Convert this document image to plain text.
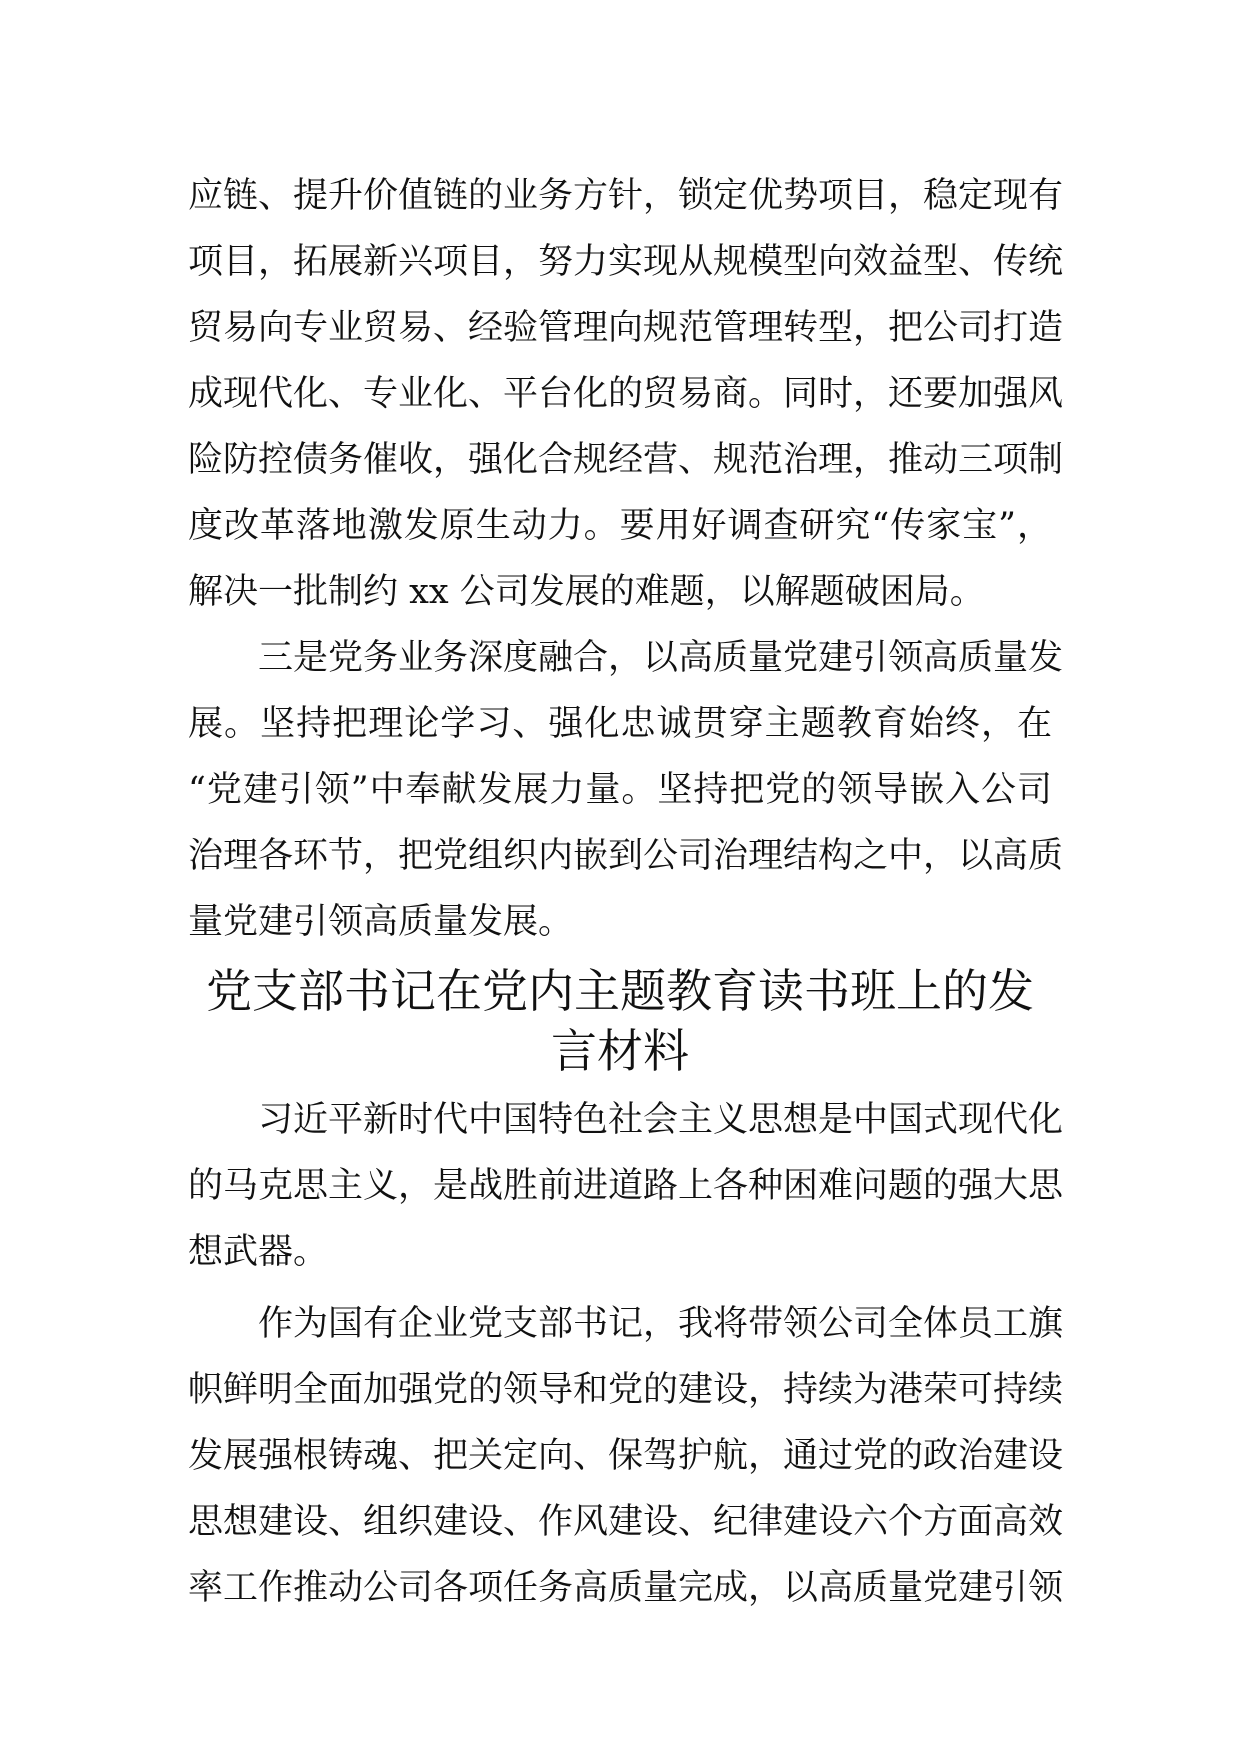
应链、提升价值链的业务方针，锁定优势项目，稳定现有
项目，拓展新兴项目，努力实现从规模型向效益型、传统
贸易向专业贸易、经验管理向规范管理转型，把公司打造
成现代化、专业化、平台化的贸易商。同时，还要加强风
险防控债务催收，强化合规经营、规范治理，推动三项制
度改革落地激发原生动力。要用好调查研究“传家宝”，
解决一批制约 xx 公司发展的难题，以解题破困局。
三是党务业务深度融合，以高质量党建引领高质量发
展。坚持把理论学习、强化忠诚贯穿主题教育始终，在
“党建引领”中奉献发展力量。坚持把党的领导嵌入公司
治理各环节，把党组织内嵌到公司治理结构之中，以高质
量党建引领高质量发展。
党支部书记在党内主题教育读书班上的发
言材料
习近平新时代中国特色社会主义思想是中国式现代化
的马克思主义，是战胜前进道路上各种困难问题的强大思
想武器。
作为国有企业党支部书记，我将带领公司全体员工旗
帜鲜明全面加强党的领导和党的建设，持续为港荣可持续
发展强根铸魂、把关定向、保驾护航，通过党的政治建设
思想建设、组织建设、作风建设、纪律建设六个方面高效
率工作推动公司各项任务高质量完成，以高质量党建引领
